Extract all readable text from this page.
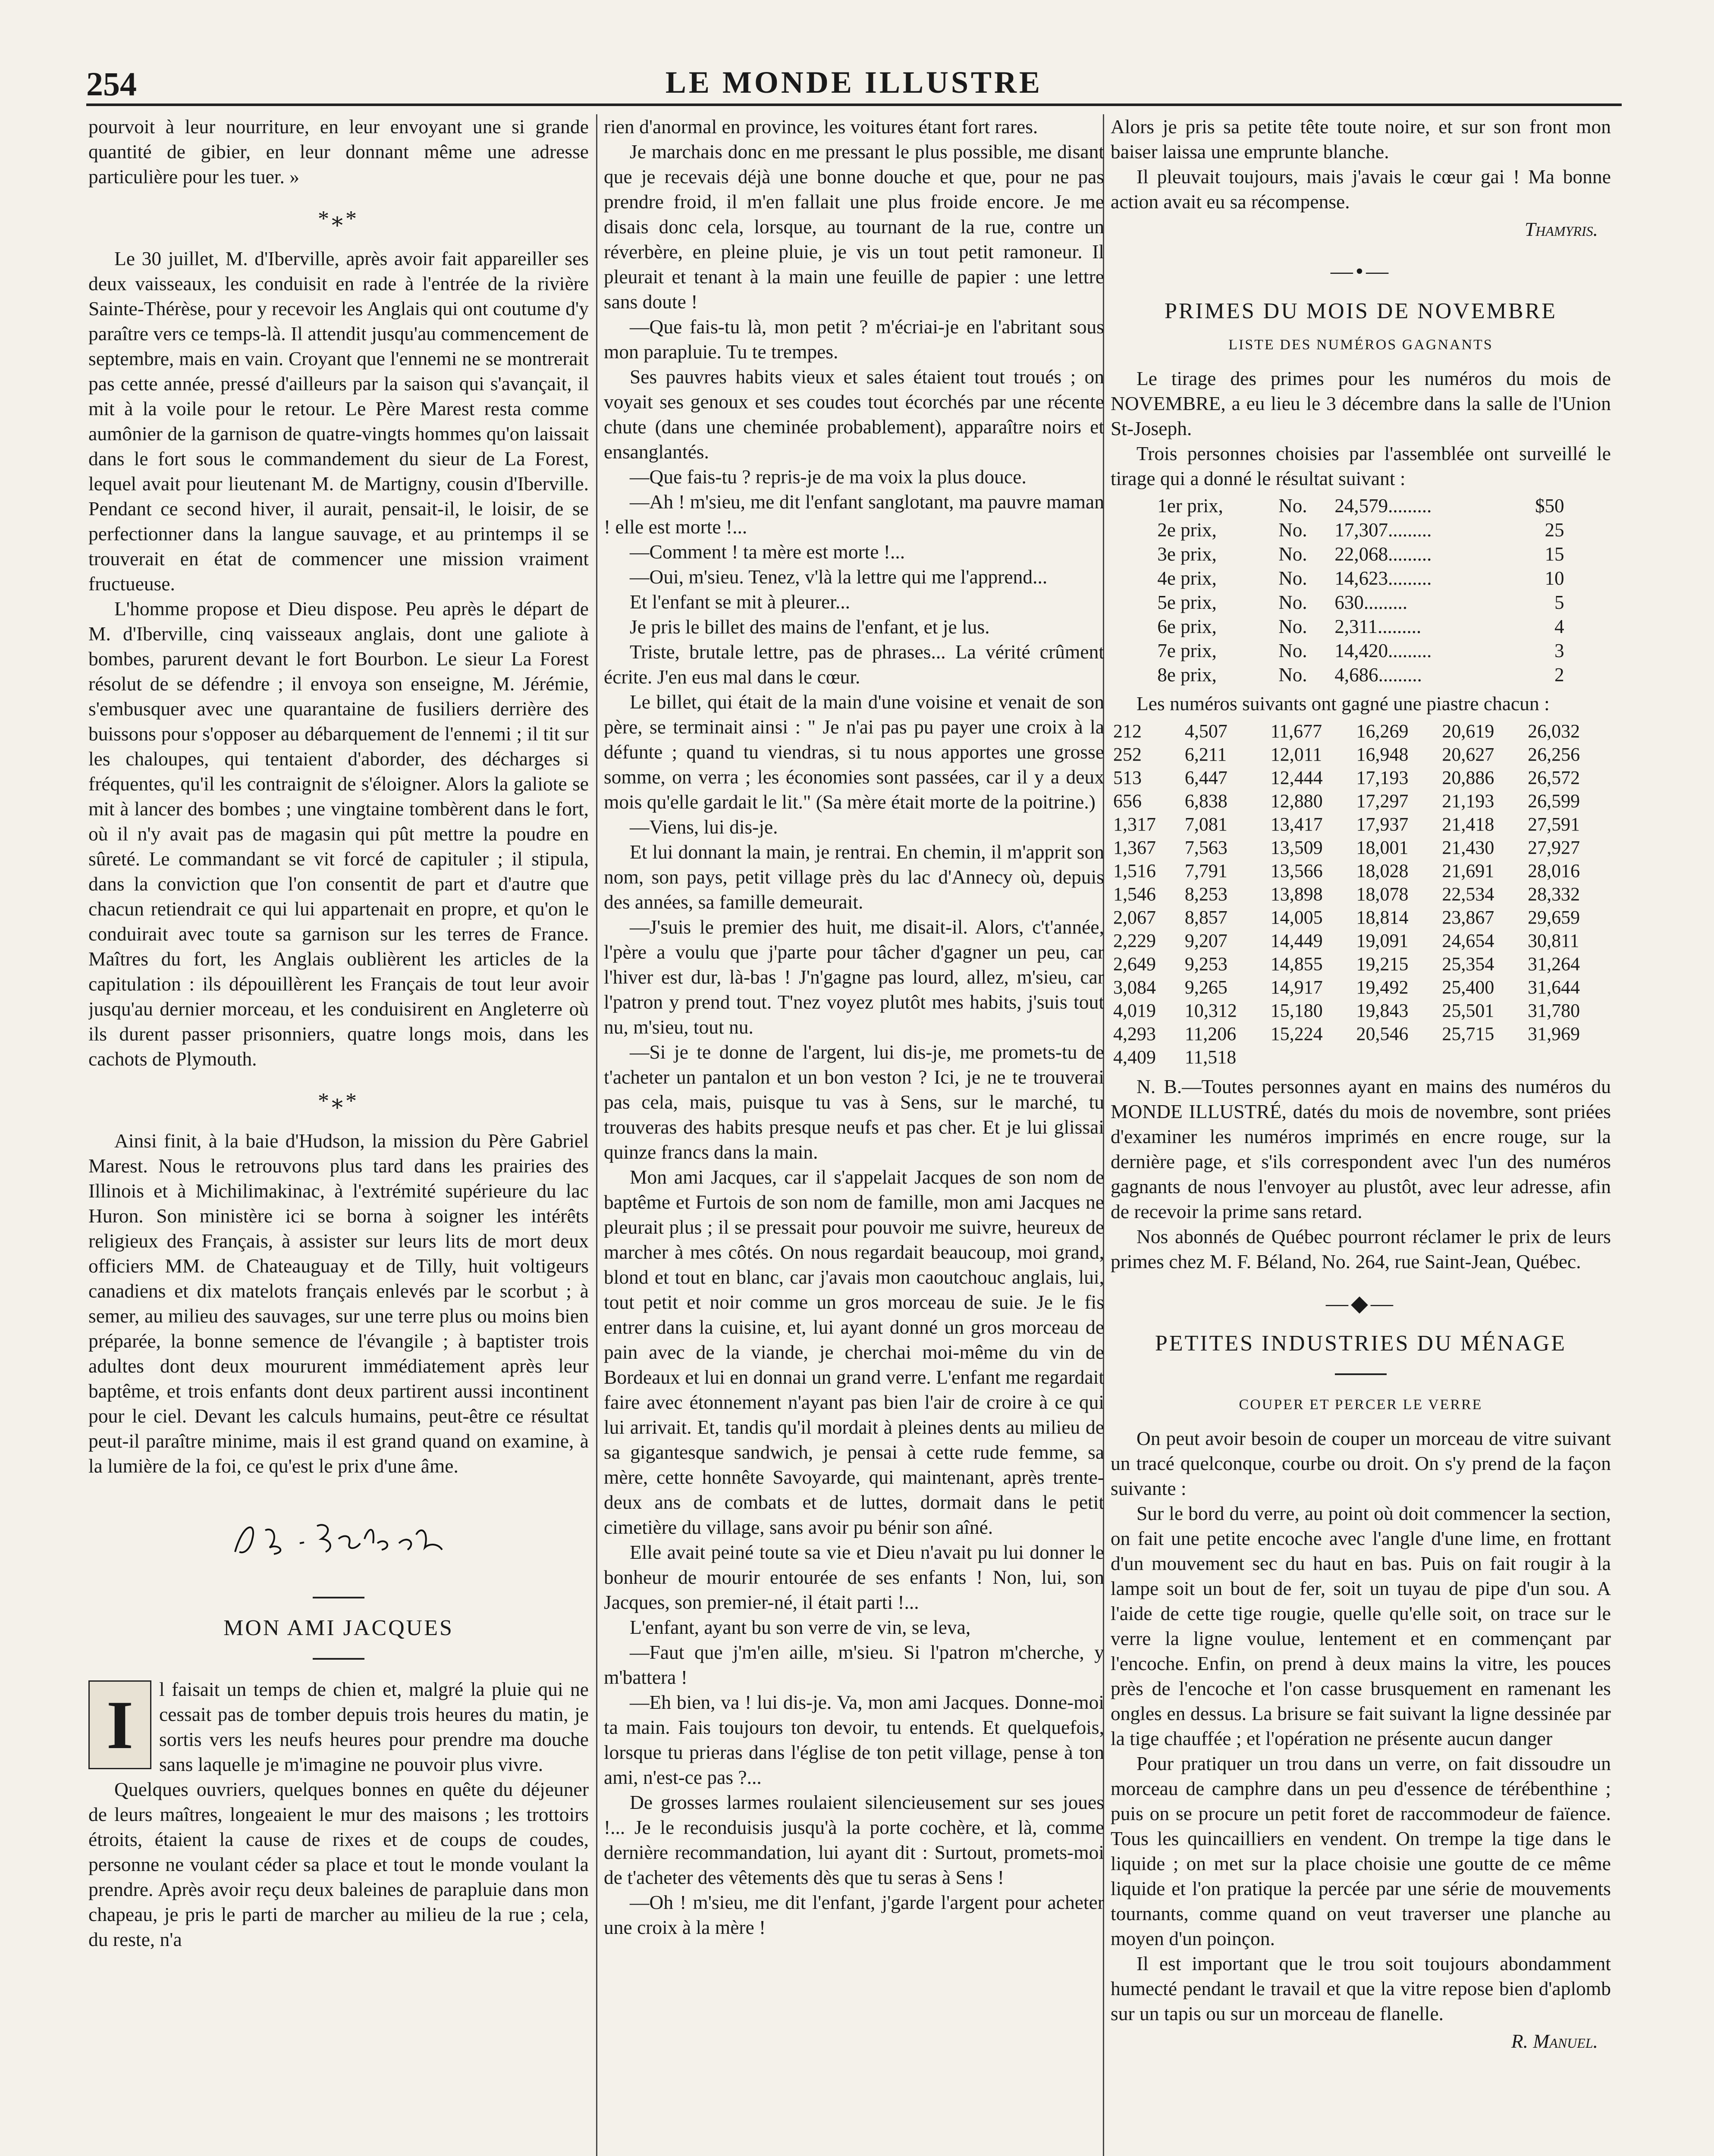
254	LE MONDE ILLUSTRE

pourvoit à leur nourriture, en leur envoyant une si grande quantité de gibier, en leur donnant même une adresse particulière pour les tuer. »

*⁎*

Le 30 juillet, M. d'Iberville, après avoir fait appareiller ses deux vaisseaux, les conduisit en rade à l'entrée de la rivière Sainte-Thérèse, pour y recevoir les Anglais qui ont coutume d'y paraître vers ce temps-là. Il attendit jusqu'au commencement de septembre, mais en vain. Croyant que l'ennemi ne se montrerait pas cette année, pressé d'ailleurs par la saison qui s'avançait, il mit à la voile pour le retour. Le Père Marest resta comme aumônier de la garnison de quatre-vingts hommes qu'on laissait dans le fort sous le commandement du sieur de La Forest, lequel avait pour lieutenant M. de Martigny, cousin d'Iberville. Pendant ce second hiver, il aurait, pensait-il, le loisir, de se perfectionner dans la langue sauvage, et au printemps il se trouverait en état de commencer une mission vraiment fructueuse.

L'homme propose et Dieu dispose. Peu après le départ de M. d'Iberville, cinq vaisseaux anglais, dont une galiote à bombes, parurent devant le fort Bourbon. Le sieur La Forest résolut de se défendre ; il envoya son enseigne, M. Jérémie, s'embusquer avec une quarantaine de fusiliers derrière des buissons pour s'opposer au débarquement de l'ennemi ; il tit sur les chaloupes, qui tentaient d'aborder, des décharges si fréquentes, qu'il les contraignit de s'éloigner. Alors la galiote se mit à lancer des bombes ; une vingtaine tombèrent dans le fort, où il n'y avait pas de magasin qui pût mettre la poudre en sûreté. Le commandant se vit forcé de capituler ; il stipula, dans la conviction que l'on consentit de part et d'autre que chacun retiendrait ce qui lui appartenait en propre, et qu'on le conduirait avec toute sa garnison sur les terres de France. Maîtres du fort, les Anglais oublièrent les articles de la capitulation : ils dépouillèrent les Français de tout leur avoir jusqu'au dernier morceau, et les conduisirent en Angleterre où ils durent passer prisonniers, quatre longs mois, dans les cachots de Plymouth.

*⁎*

Ainsi finit, à la baie d'Hudson, la mission du Père Gabriel Marest. Nous le retrouvons plus tard dans les prairies des Illinois et à Michilimakinac, à l'extrémité supérieure du lac Huron. Son ministère ici se borna à soigner les intérêts religieux des Français, à assister sur leurs lits de mort deux officiers MM. de Chateauguay et de Tilly, huit voltigeurs canadiens et dix matelots français enlevés par le scorbut ; à semer, au milieu des sauvages, sur une terre plus ou moins bien préparée, la bonne semence de l'évangile ; à baptister trois adultes dont deux moururent immédiatement après leur baptême, et trois enfants dont deux partirent aussi incontinent pour le ciel. Devant les calculs humains, peut-être ce résultat peut-il paraître minime, mais il est grand quand on examine, à la lumière de la foi, ce qu'est le prix d'une âme.

MON AMI JACQUES
I	l faisait un temps de chien et, malgré la pluie qui ne cessait pas de tomber depuis trois heures du matin, je sortis vers les neufs heures pour prendre ma douche sans laquelle je m'imagine ne pouvoir plus vivre.

Quelques ouvriers, quelques bonnes en quête du déjeuner de leurs maîtres, longeaient le mur des maisons ; les trottoirs étroits, étaient la cause de rixes et de coups de coudes, personne ne voulant céder sa place et tout le monde voulant la prendre. Après avoir reçu deux baleines de parapluie dans mon chapeau, je pris le parti de marcher au milieu de la rue ; cela, du reste, n'a

rien d'anormal en province, les voitures étant fort rares.

Je marchais donc en me pressant le plus possible, me disant que je recevais déjà une bonne douche et que, pour ne pas prendre froid, il m'en fallait une plus froide encore. Je me disais donc cela, lorsque, au tournant de la rue, contre un réverbère, en pleine pluie, je vis un tout petit ramoneur. Il pleurait et tenant à la main une feuille de papier : une lettre sans doute !

—Que fais-tu là, mon petit ? m'écriai-je en l'abritant sous mon parapluie. Tu te trempes.

Ses pauvres habits vieux et sales étaient tout troués ; on voyait ses genoux et ses coudes tout écorchés par une récente chute (dans une cheminée probablement), apparaître noirs et ensanglantés.

—Que fais-tu ? repris-je de ma voix la plus douce.

—Ah ! m'sieu, me dit l'enfant sanglotant, ma pauvre maman ! elle est morte !...

—Comment ! ta mère est morte !...

—Oui, m'sieu. Tenez, v'là la lettre qui me l'apprend...

Et l'enfant se mit à pleurer...

Je pris le billet des mains de l'enfant, et je lus.

Triste, brutale lettre, pas de phrases... La vérité crûment écrite. J'en eus mal dans le cœur.

Le billet, qui était de la main d'une voisine et venait de son père, se terminait ainsi : " Je n'ai pas pu payer une croix à la défunte ; quand tu viendras, si tu nous apportes une grosse somme, on verra ; les économies sont passées, car il y a deux mois qu'elle gardait le lit." (Sa mère était morte de la poitrine.)

—Viens, lui dis-je.

Et lui donnant la main, je rentrai. En chemin, il m'apprit son nom, son pays, petit village près du lac d'Annecy où, depuis des années, sa famille demeurait.

—J'suis le premier des huit, me disait-il. Alors, c't'année, l'père a voulu que j'parte pour tâcher d'gagner un peu, car l'hiver est dur, là-bas ! J'n'gagne pas lourd, allez, m'sieu, car l'patron y prend tout. T'nez voyez plutôt mes habits, j'suis tout nu, m'sieu, tout nu.

—Si je te donne de l'argent, lui dis-je, me promets-tu de t'acheter un pantalon et un bon veston ? Ici, je ne te trouverai pas cela, mais, puisque tu vas à Sens, sur le marché, tu trouveras des habits presque neufs et pas cher. Et je lui glissai quinze francs dans la main.

Mon ami Jacques, car il s'appelait Jacques de son nom de baptême et Furtois de son nom de famille, mon ami Jacques ne pleurait plus ; il se pressait pour pouvoir me suivre, heureux de marcher à mes côtés. On nous regardait beaucoup, moi grand, blond et tout en blanc, car j'avais mon caoutchouc anglais, lui, tout petit et noir comme un gros morceau de suie. Je le fis entrer dans la cuisine, et, lui ayant donné un gros morceau de pain avec de la viande, je cherchai moi-même du vin de Bordeaux et lui en donnai un grand verre. L'enfant me regardait faire avec étonnement n'ayant pas bien l'air de croire à ce qui lui arrivait. Et, tandis qu'il mordait à pleines dents au milieu de sa gigantesque sandwich, je pensai à cette rude femme, sa mère, cette honnête Savoyarde, qui maintenant, après trente-deux ans de combats et de luttes, dormait dans le petit cimetière du village, sans avoir pu bénir son aîné.

Elle avait peiné toute sa vie et Dieu n'avait pu lui donner le bonheur de mourir entourée de ses enfants ! Non, lui, son Jacques, son premier-né, il était parti !...

L'enfant, ayant bu son verre de vin, se leva,

—Faut que j'm'en aille, m'sieu. Si l'patron m'cherche, y m'battera !

—Eh bien, va ! lui dis-je. Va, mon ami Jacques. Donne-moi ta main. Fais toujours ton devoir, tu entends. Et quelquefois, lorsque tu prieras dans l'église de ton petit village, pense à ton ami, n'est-ce pas ?...

De grosses larmes roulaient silencieusement sur ses joues !... Je le reconduisis jusqu'à la porte cochère, et là, comme dernière recommandation, lui ayant dit : Surtout, promets-moi de t'acheter des vêtements dès que tu seras à Sens !

—Oh ! m'sieu, me dit l'enfant, j'garde l'argent pour acheter une croix à la mère !

Alors je pris sa petite tête toute noire, et sur son front mon baiser laissa une emprunte blanche.

Il pleuvait toujours, mais j'avais le cœur gai ! Ma bonne action avait eu sa récompense.

Thamyris.
—•—
PRIMES DU MOIS DE NOVEMBRE
LISTE DES NUMÉROS GAGNANTS

Le tirage des primes pour les numéros du mois de NOVEMBRE, a eu lieu le 3 décembre dans la salle de l'Union St-Joseph.

Trois personnes choisies par l'assemblée ont surveillé le tirage qui a donné le résultat suivant :

1er prix,	No.	24,579.........	$50
2e prix,	No.	17,307.........	25
3e prix,	No.	22,068.........	15
4e prix,	No.	14,623.........	10
5e prix,	No.	630.........	5
6e prix,	No.	2,311.........	4
7e prix,	No.	14,420.........	3
8e prix,	No.	4,686.........	2

Les numéros suivants ont gagné une piastre chacun :

212	4,507	11,677	16,269	20,619	26,032
252	6,211	12,011	16,948	20,627	26,256
513	6,447	12,444	17,193	20,886	26,572
656	6,838	12,880	17,297	21,193	26,599
1,317	7,081	13,417	17,937	21,418	27,591
1,367	7,563	13,509	18,001	21,430	27,927
1,516	7,791	13,566	18,028	21,691	28,016
1,546	8,253	13,898	18,078	22,534	28,332
2,067	8,857	14,005	18,814	23,867	29,659
2,229	9,207	14,449	19,091	24,654	30,811
2,649	9,253	14,855	19,215	25,354	31,264
3,084	9,265	14,917	19,492	25,400	31,644
4,019	10,312	15,180	19,843	25,501	31,780
4,293	11,206	15,224	20,546	25,715	31,969
4,409	11,518				

N. B.—Toutes personnes ayant en mains des numéros du MONDE ILLUSTRÉ, datés du mois de novembre, sont priées d'examiner les numéros imprimés en encre rouge, sur la dernière page, et s'ils correspondent avec l'un des numéros gagnants de nous l'envoyer au plustôt, avec leur adresse, afin de recevoir la prime sans retard.

Nos abonnés de Québec pourront réclamer le prix de leurs primes chez M. F. Béland, No. 264, rue Saint-Jean, Québec.

—◆—
PETITES INDUSTRIES DU MÉNAGE
COUPER ET PERCER LE VERRE

On peut avoir besoin de couper un morceau de vitre suivant un tracé quelconque, courbe ou droit. On s'y prend de la façon suivante :

Sur le bord du verre, au point où doit commencer la section, on fait une petite encoche avec l'angle d'une lime, en frottant d'un mouvement sec du haut en bas. Puis on fait rougir à la lampe soit un bout de fer, soit un tuyau de pipe d'un sou. A l'aide de cette tige rougie, quelle qu'elle soit, on trace sur le verre la ligne voulue, lentement et en commençant par l'encoche. Enfin, on prend à deux mains la vitre, les pouces près de l'encoche et l'on casse brusquement en ramenant les ongles en dessus. La brisure se fait suivant la ligne dessinée par la tige chauffée ; et l'opération ne présente aucun danger

Pour pratiquer un trou dans un verre, on fait dissoudre un morceau de camphre dans un peu d'essence de térébenthine ; puis on se procure un petit foret de raccommodeur de faïence. Tous les quincailliers en vendent. On trempe la tige dans le liquide ; on met sur la place choisie une goutte de ce même liquide et l'on pratique la percée par une série de mouvements tournants, comme quand on veut traverser une planche au moyen d'un poinçon.

Il est important que le trou soit toujours abondamment humecté pendant le travail et que la vitre repose bien d'aplomb sur un tapis ou sur un morceau de flanelle.

R. Manuel.
